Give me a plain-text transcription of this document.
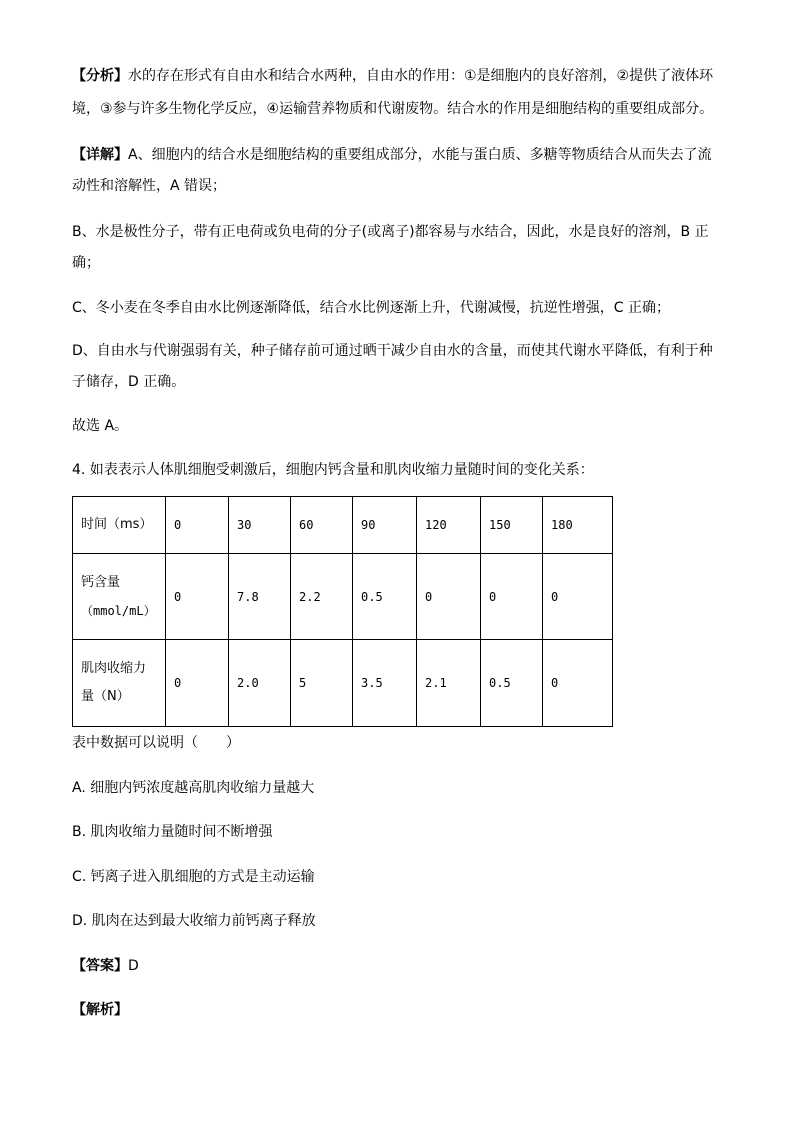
【分析】水的存在形式有自由水和结合水两种，自由水的作用：①是细胞内的良好溶剂，②提供了液体环
境，③参与许多生物化学反应，④运输营养物质和代谢废物。结合水的作用是细胞结构的重要组成部分。
【详解】A、细胞内的结合水是细胞结构的重要组成部分，水能与蛋白质、多糖等物质结合从而失去了流
动性和溶解性，A 错误；
B、水是极性分子，带有正电荷或负电荷的分子(或离子)都容易与水结合，因此，水是良好的溶剂，B 正
确；
C、冬小麦在冬季自由水比例逐渐降低，结合水比例逐渐上升，代谢减慢，抗逆性增强，C 正确；
D、自由水与代谢强弱有关，种子储存前可通过晒干减少自由水的含量，而使其代谢水平降低，有利于种
子储存，D 正确。
故选 A。
4. 如表表示人体肌细胞受刺激后，细胞内钙含量和肌肉收缩力量随时间的变化关系：
时间（ms）	0	30	60	90	120	150	180

钙含量
（mmol/mL）	0	7.8	2.2	0.5	0	0	0

肌肉收缩力
量（N）	0	2.0	5	3.5	2.1	0.5	0
表中数据可以说明（　　）
A. 细胞内钙浓度越高肌肉收缩力量越大
B. 肌肉收缩力量随时间不断增强
C. 钙离子进入肌细胞的方式是主动运输
D. 肌肉在达到最大收缩力前钙离子释放
【答案】D
【解析】
